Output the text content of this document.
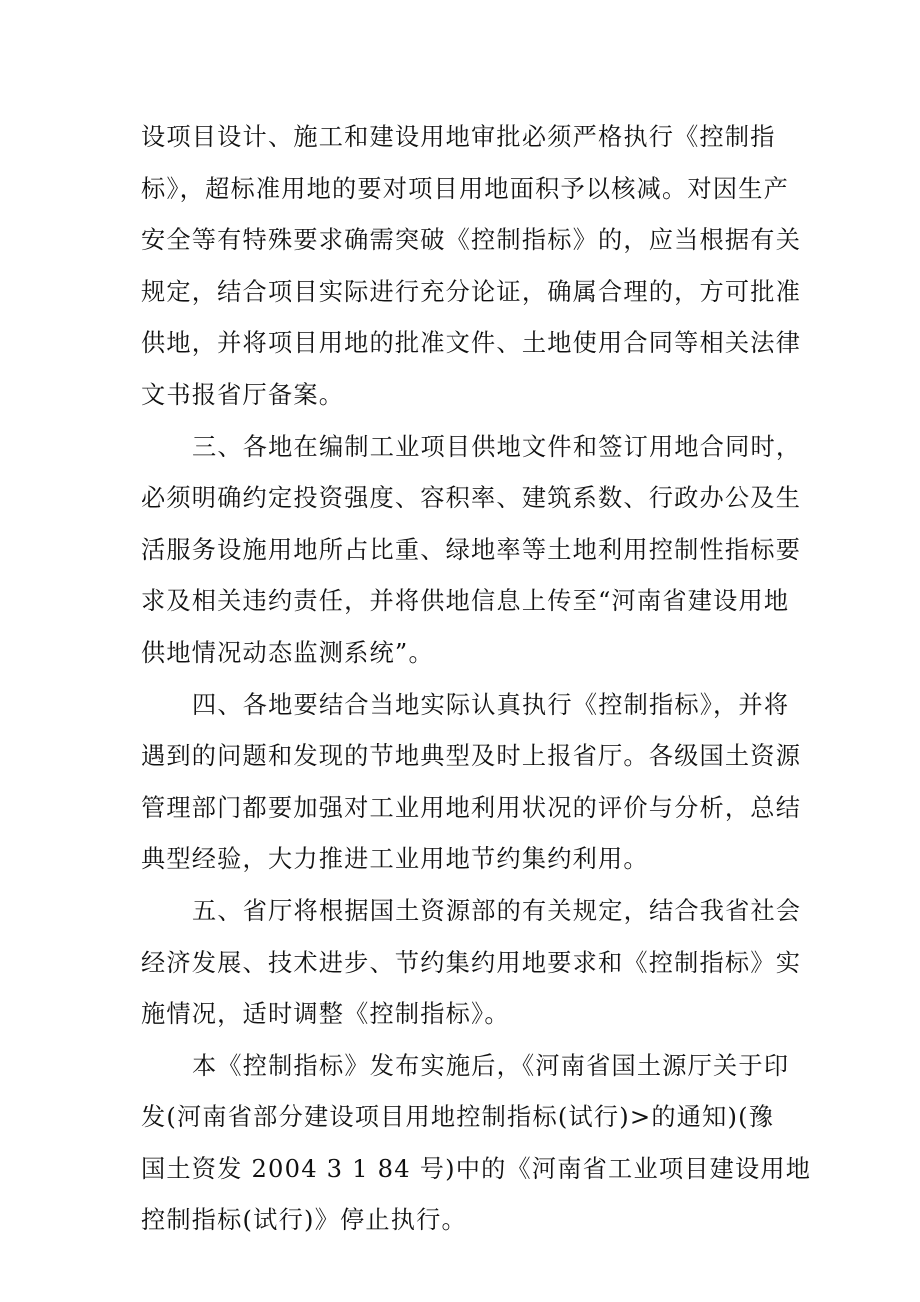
设项目设计、施工和建设用地审批必须严格执行《控制指
标》，超标准用地的要对项目用地面积予以核减。对因生产
安全等有特殊要求确需突破《控制指标》的，应当根据有关
规定，结合项目实际进行充分论证，确属合理的，方可批准
供地，并将项目用地的批准文件、土地使用合同等相关法律
文书报省厅备案。
三、各地在编制工业项目供地文件和签订用地合同时，
必须明确约定投资强度、容积率、建筑系数、行政办公及生
活服务设施用地所占比重、绿地率等土地利用控制性指标要
求及相关违约责任，并将供地信息上传至“河南省建设用地
供地情况动态监测系统”。
四、各地要结合当地实际认真执行《控制指标》，并将
遇到的问题和发现的节地典型及时上报省厅。各级国土资源
管理部门都要加强对工业用地利用状况的评价与分析，总结
典型经验，大力推进工业用地节约集约利用。
五、省厅将根据国土资源部的有关规定，结合我省社会
经济发展、技术进步、节约集约用地要求和《控制指标》实
施情况，适时调整《控制指标》。
本《控制指标》发布实施后，《河南省国土源厅关于印
发(河南省部分建设项目用地控制指标(试行)>的通知)(豫
国土资发 2004 3 1 84 号)中的《河南省工业项目建设用地
控制指标(试行)》停止执行。
